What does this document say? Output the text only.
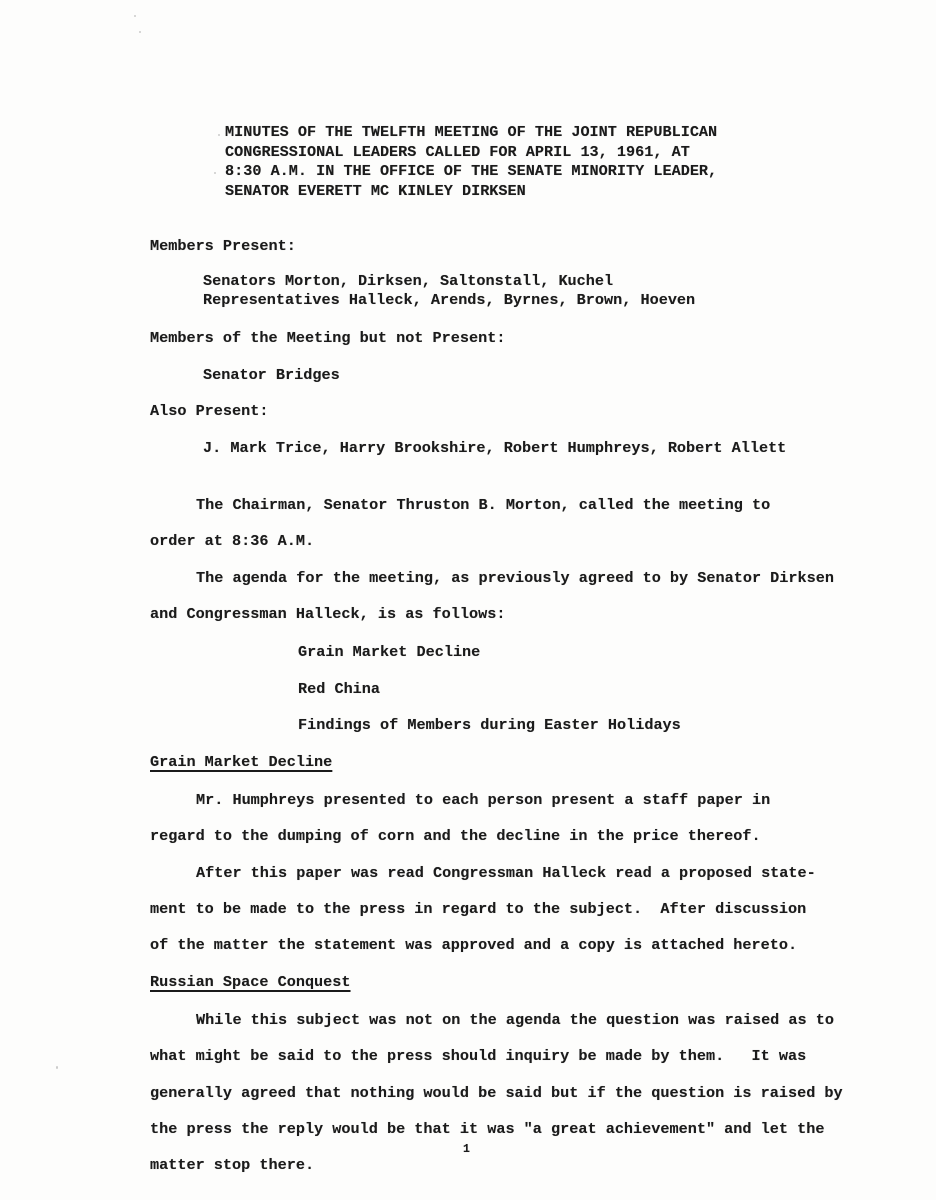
MINUTES OF THE TWELFTH MEETING OF THE JOINT REPUBLICAN
CONGRESSIONAL LEADERS CALLED FOR APRIL 13, 1961, AT
8:30 A.M. IN THE OFFICE OF THE SENATE MINORITY LEADER,
SENATOR EVERETT MC KINLEY DIRKSEN
Members Present:
Senators Morton, Dirksen, Saltonstall, Kuchel
Representatives Halleck, Arends, Byrnes, Brown, Hoeven
Members of the Meeting but not Present:
Senator Bridges
Also Present:
J. Mark Trice, Harry Brookshire, Robert Humphreys, Robert Allett
The Chairman, Senator Thruston B. Morton, called the meeting to
order at 8:36 A.M.
The agenda for the meeting, as previously agreed to by Senator Dirksen
and Congressman Halleck, is as follows:
Grain Market Decline
Red China
Findings of Members during Easter Holidays
Grain Market Decline
Mr. Humphreys presented to each person present a staff paper in
regard to the dumping of corn and the decline in the price thereof.
After this paper was read Congressman Halleck read a proposed state-
ment to be made to the press in regard to the subject.  After discussion
of the matter the statement was approved and a copy is attached hereto.
Russian Space Conquest
While this subject was not on the agenda the question was raised as to
what might be said to the press should inquiry be made by them.   It was
generally agreed that nothing would be said but if the question is raised by
the press the reply would be that it was "a great achievement" and let the
matter stop there.
1
